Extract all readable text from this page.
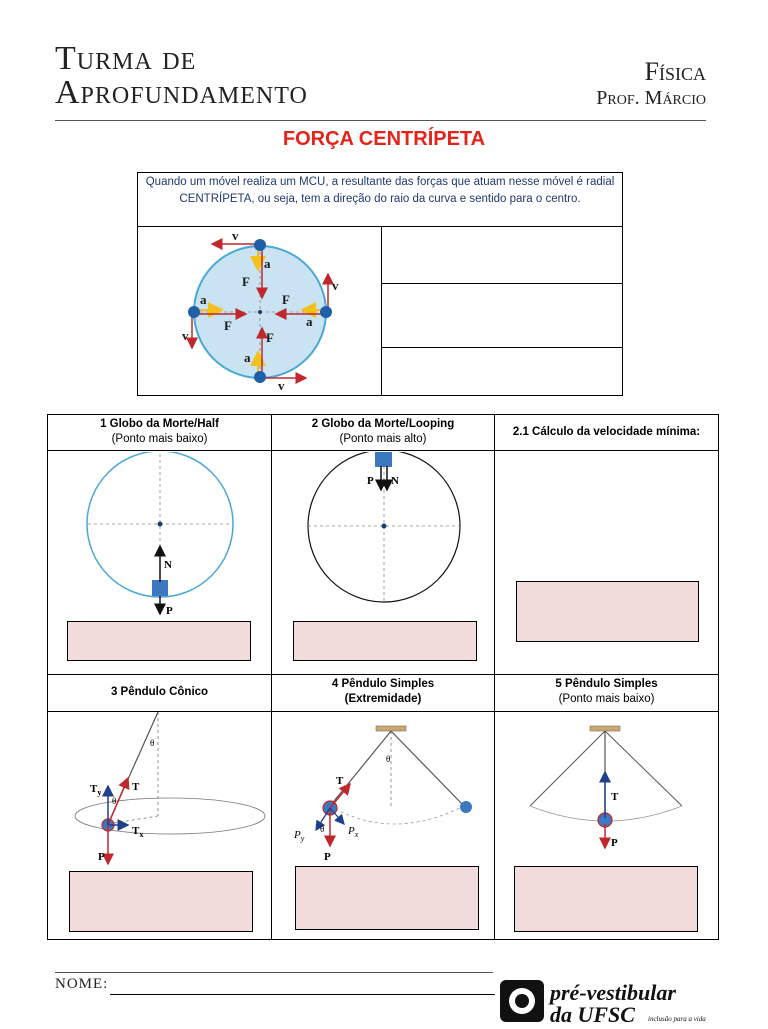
Turma de
Aprofundamento
Física
Prof. Márcio
FORÇA CENTRÍPETA
Quando um móvel realiza um MCU, a resultante das forças que atuam nesse móvel é radial CENTRÍPETA, ou seja, tem a direção do raio da curva e sentido para o centro.
v
a
F	v
F
a
a
F
v	F
a
v
1 Globo da Morte/Half
(Ponto mais baixo)
2 Globo da Morte/Looping
(Ponto mais alto)
2.1 Cálculo da velocidade mínima:
3 Pêndulo Cônico
4 Pêndulo Simples
(Extremidade)
5 Pêndulo Simples
(Ponto mais baixo)
N
P
P N
T
$T_y$
$T_x$
P
θ
θ
T
$P_y$
$P_x$
P
θ
θ
T
P
NOME:	pré-vestibular
da UFSC inclusão para a vida
